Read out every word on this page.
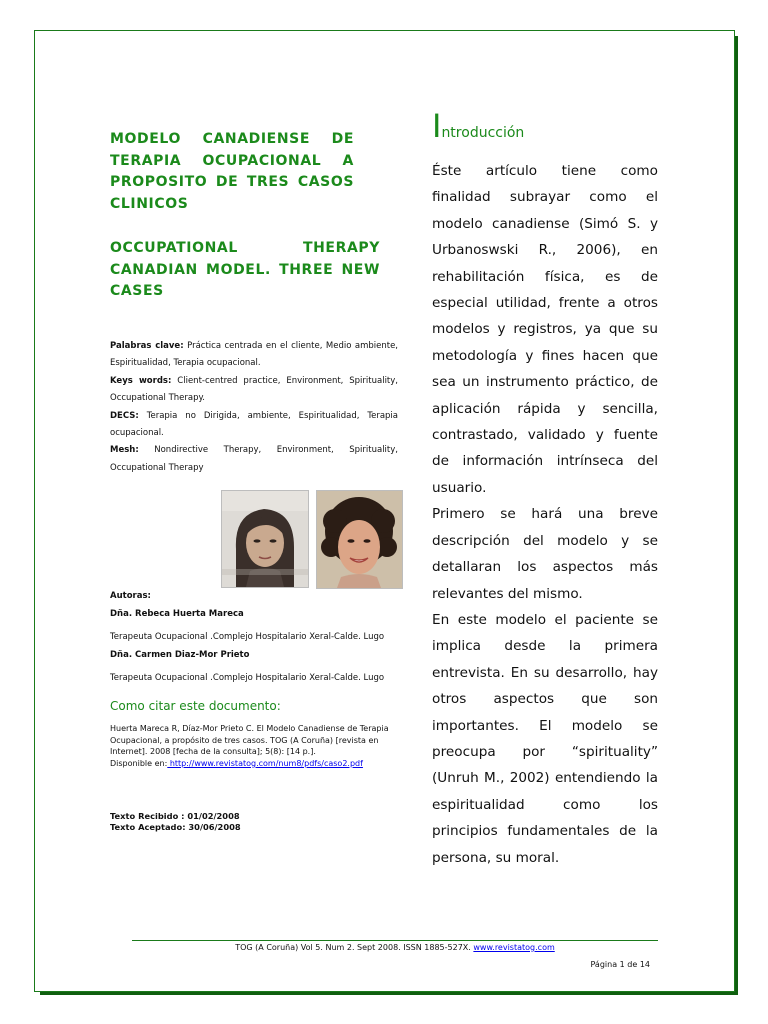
MODELO CANADIENSE DE TERAPIA OCUPACIONAL A PROPOSITO DE TRES CASOS CLINICOS
OCCUPATIONAL THERAPY CANADIAN MODEL. THREE NEW CASES
Palabras clave: Práctica centrada en el cliente, Medio ambiente, Espiritualidad, Terapia ocupacional.
Keys words: Client-centred practice, Environment, Spirituality, Occupational Therapy.
DECS: Terapia no Dirigida, ambiente, Espiritualidad, Terapia ocupacional.
Mesh: Nondirective Therapy, Environment, Spirituality, Occupational Therapy
Autoras:
Dña. Rebeca Huerta Mareca
Terapeuta Ocupacional .Complejo Hospitalario Xeral-Calde. Lugo
Dña. Carmen Diaz-Mor Prieto
Terapeuta Ocupacional .Complejo Hospitalario Xeral-Calde. Lugo
Como citar este documento:
Huerta Mareca R, Díaz-Mor Prieto C. El Modelo Canadiense de Terapia Ocupacional, a propósito de tres casos. TOG (A Coruña) [revista en Internet]. 2008 [fecha de la consulta]; 5(8): [14 p.].
Disponible en: http://www.revistatog.com/num8/pdfs/caso2.pdf
Texto Recibido : 01/02/2008
Texto Aceptado: 30/06/2008
Introducción

Éste artículo tiene como finalidad subrayar como el modelo canadiense (Simó S. y Urbanoswski R., 2006), en rehabilitación física, es de especial utilidad, frente a otros modelos y registros, ya que su metodología y fines hacen que sea un instrumento práctico, de aplicación rápida y sencilla, contrastado, validado y fuente de información intrínseca del usuario.

Primero se hará una breve descripción del modelo y se detallaran los aspectos más relevantes del mismo.

En este modelo el paciente se implica desde la primera entrevista. En su desarrollo, hay otros aspectos que son importantes. El modelo se preocupa por “spirituality” (Unruh M., 2002) entendiendo la espiritualidad como los principios fundamentales de la persona, su moral.

TOG (A Coruña) Vol 5. Num 2. Sept 2008. ISSN 1885-527X. www.revistatog.com
Página 1 de 14
